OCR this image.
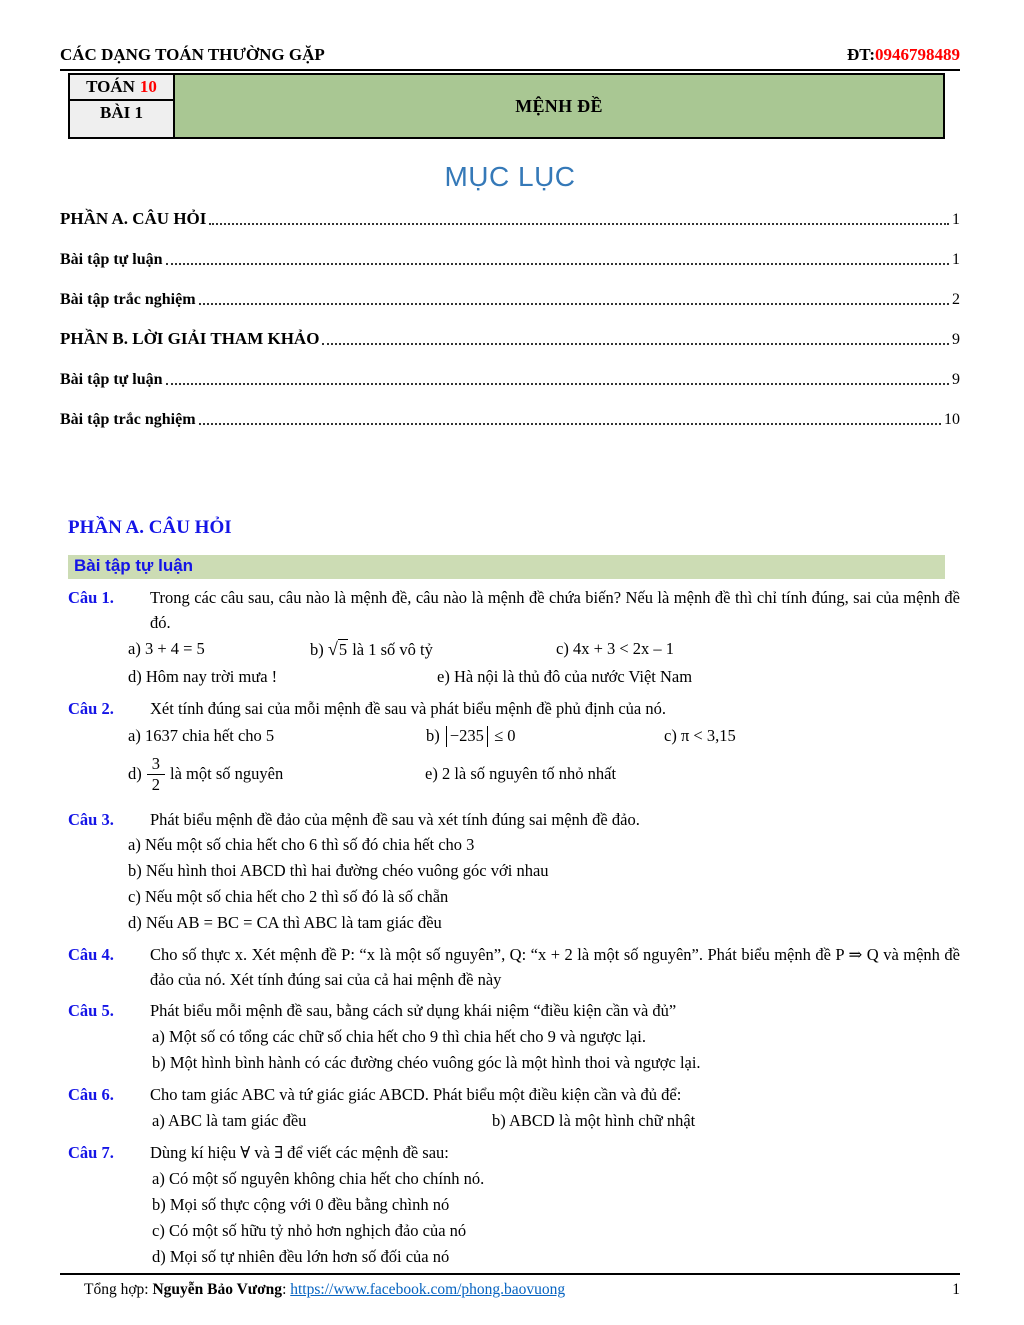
CÁC DẠNG TOÁN THƯỜNG GẶP	ĐT:0946798489
TOÁN 10
MỆNH ĐỀ
BÀI 1
MỤC LỤC
PHẦN A. CÂU HỎI	1
Bài tập tự luận	1
Bài tập trắc nghiệm	2
PHẦN B. LỜI GIẢI THAM KHẢO	9
Bài tập tự luận	9
Bài tập trắc nghiệm	10
PHẦN A. CÂU HỎI
Bài tập tự luận
Câu 1. Trong các câu sau, câu nào là mệnh đề, câu nào là mệnh đề chứa biến? Nếu là mệnh đề thì chỉ tính đúng, sai của mệnh đề đó.
a) 3 + 4 = 5	b) √5 là 1 số vô tỷ	c) 4x + 3 < 2x – 1
d) Hôm nay trời mưa !	e) Hà nội là thủ đô của nước Việt Nam
Câu 2. Xét tính đúng sai của mỗi mệnh đề sau và phát biểu mệnh đề phủ định của nó.
a) 1637 chia hết cho 5	b) −235 ≤ 0	c) π < 3,15
$d) \frac{3}{2}$ là một số nguyên	e) 2 là số nguyên tố nhỏ nhất
Câu 3. Phát biểu mệnh đề đảo của mệnh đề sau và xét tính đúng sai mệnh đề đảo.
a) Nếu một số chia hết cho 6 thì số đó chia hết cho 3
b) Nếu hình thoi ABCD thì hai đường chéo vuông góc với nhau
c) Nếu một số chia hết cho 2 thì số đó là số chẵn
d) Nếu AB = BC = CA thì ABC là tam giác đều
Câu 4. Cho số thực x. Xét mệnh đề P: “x là một số nguyên”, Q: “x + 2 là một số nguyên”. Phát biểu mệnh đề P ⇒ Q và mệnh đề đảo của nó. Xét tính đúng sai của cả hai mệnh đề này
Câu 5. Phát biểu mỗi mệnh đề sau, bằng cách sử dụng khái niệm “điều kiện cần và đủ”
a) Một số có tổng các chữ số chia hết cho 9 thì chia hết cho 9 và ngược lại.
b) Một hình bình hành có các đường chéo vuông góc là một hình thoi và ngược lại.
Câu 6. Cho tam giác ABC và tứ giác giác ABCD. Phát biểu một điều kiện cần và đủ để:
a) ABC là tam giác đều	b) ABCD là một hình chữ nhật
Câu 7. Dùng kí hiệu ∀ và ∃ để viết các mệnh đề sau:
a) Có một số nguyên không chia hết cho chính nó.
b) Mọi số thực cộng với 0 đều bằng chình nó
c) Có một số hữu tỷ nhỏ hơn nghịch đảo của nó
d) Mọi số tự nhiên đều lớn hơn số đối của nó
Tổng hợp: Nguyễn Bảo Vương: https://www.facebook.com/phong.baovuong	1
